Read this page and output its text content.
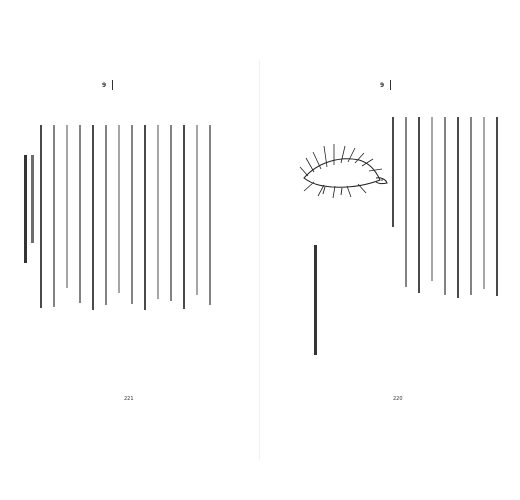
9
221
9
220
